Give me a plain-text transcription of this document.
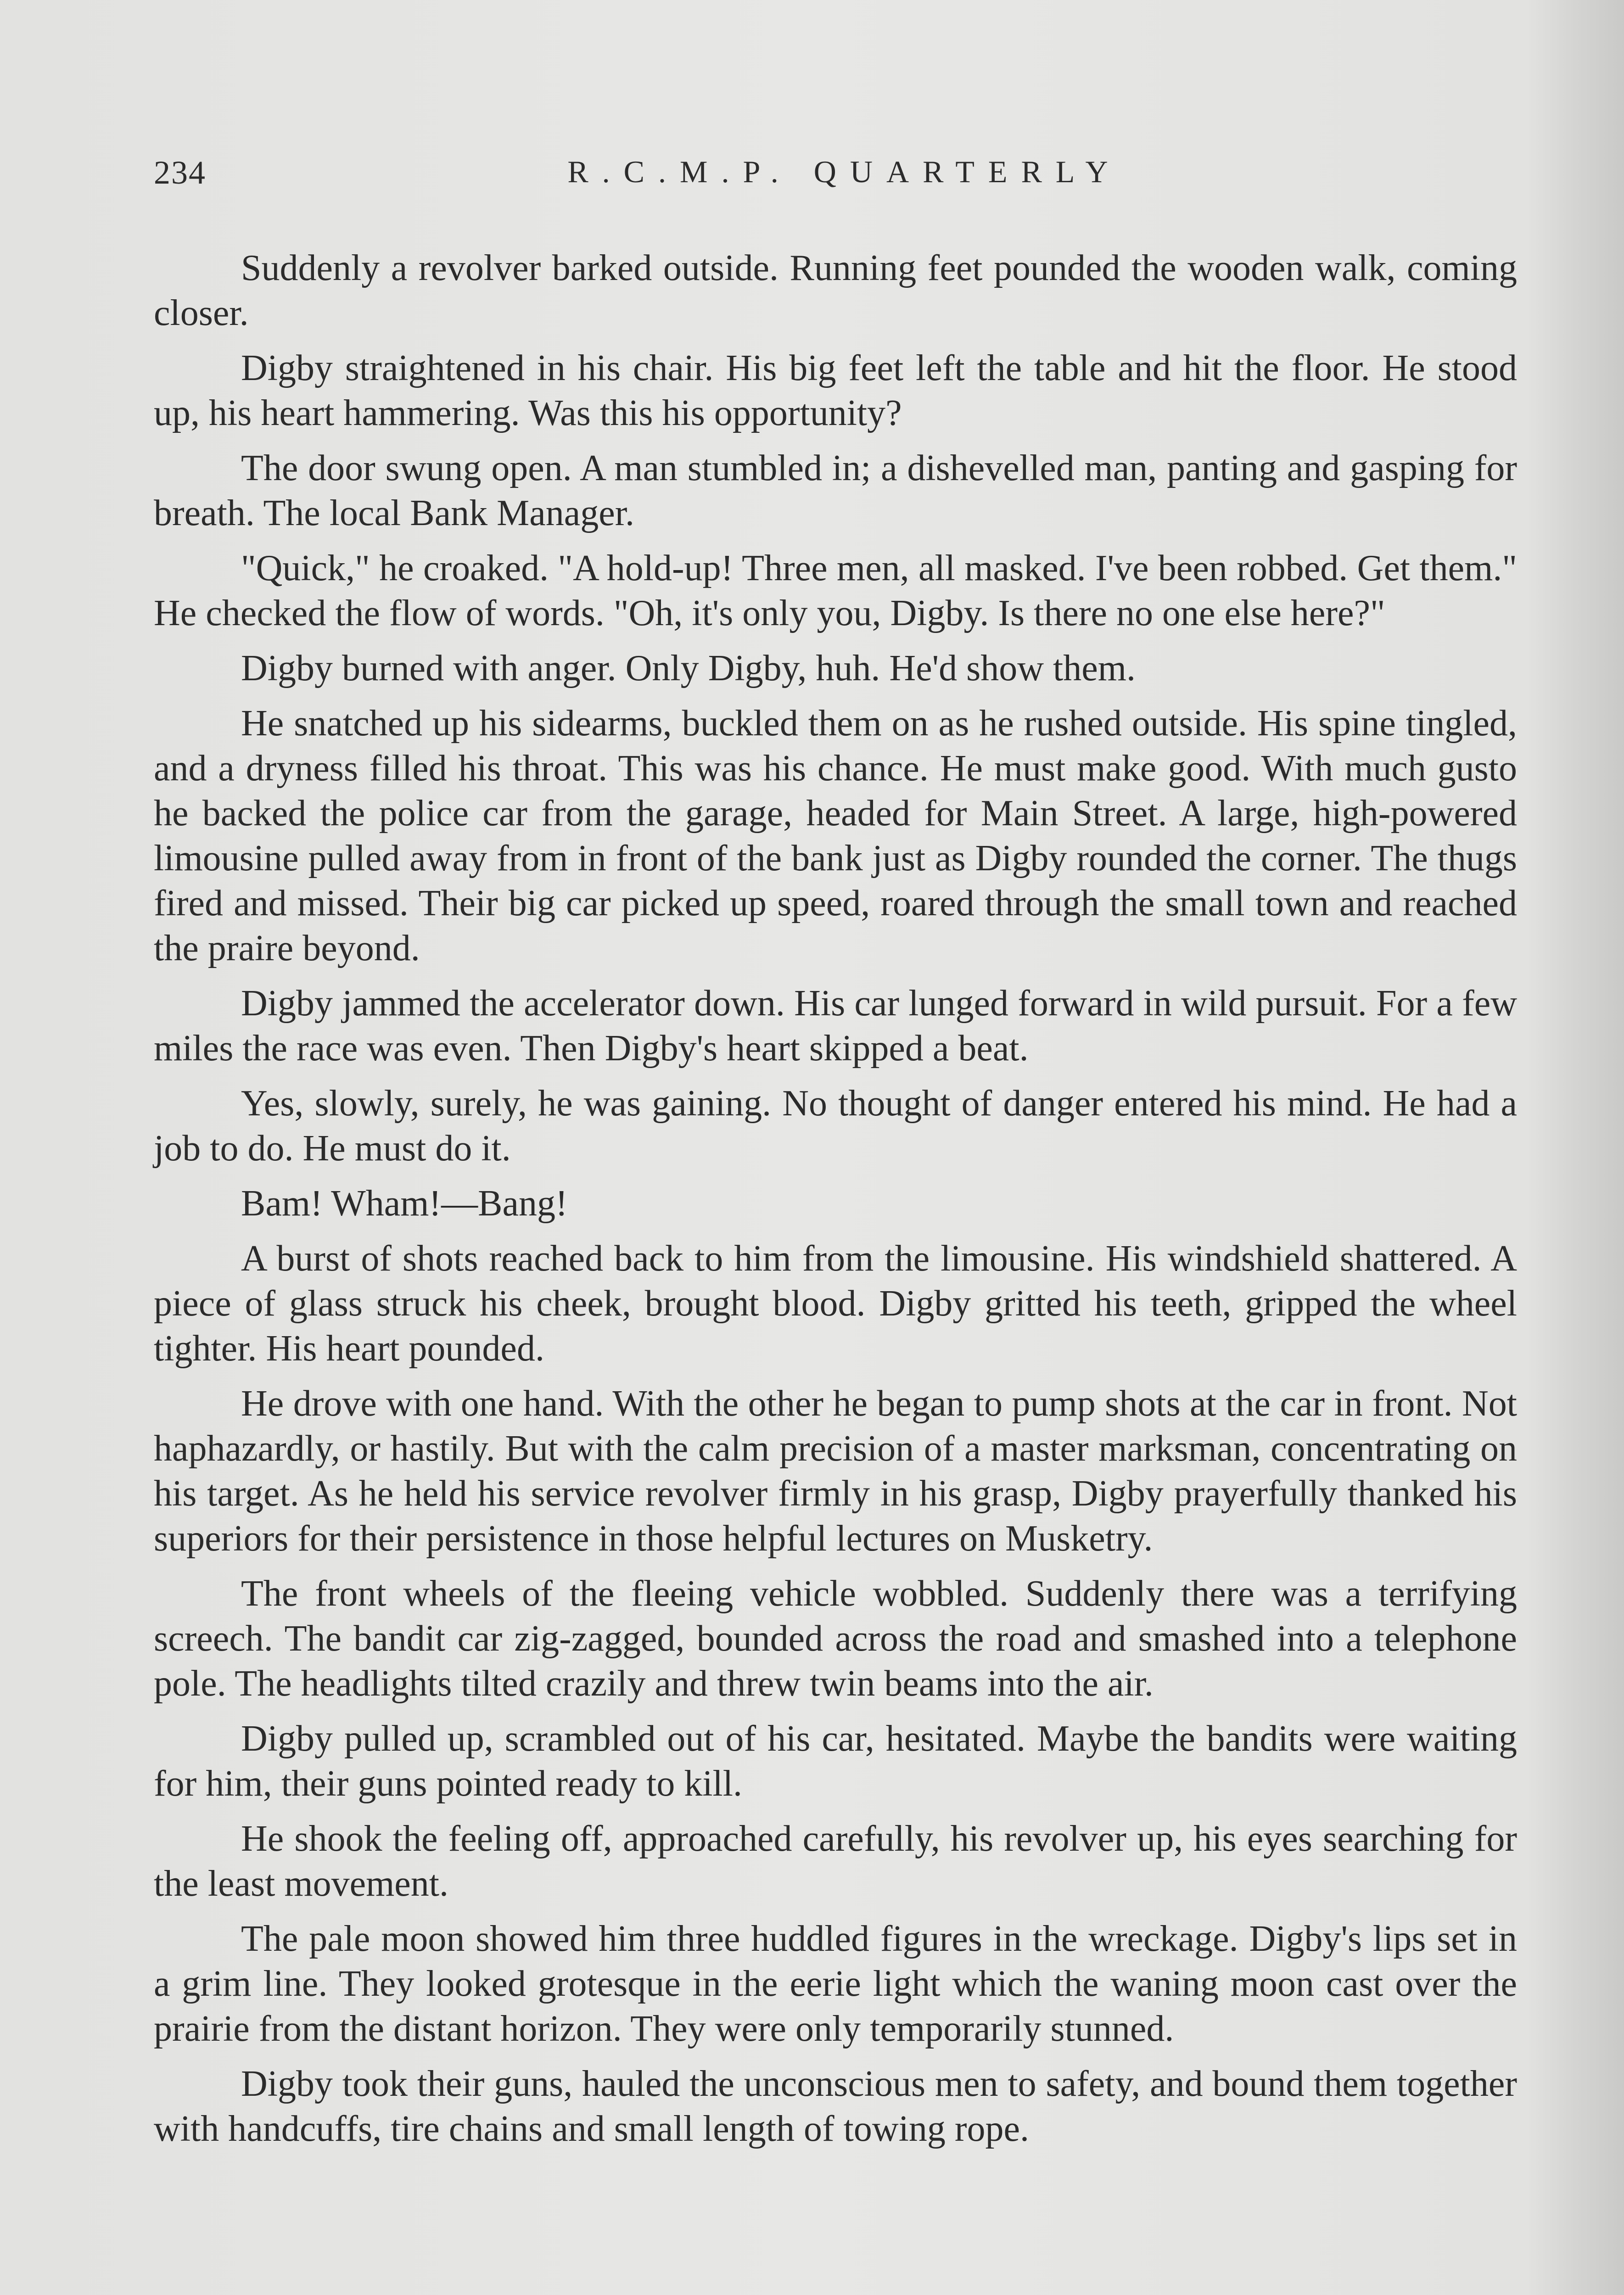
234	R.C.M.P. QUARTERLY

Suddenly a revolver barked outside. Running feet pounded the wooden walk, coming closer.

Digby straightened in his chair. His big feet left the table and hit the floor. He stood up, his heart hammering. Was this his opportunity?

The door swung open. A man stumbled in; a dishevelled man, panting and gasping for breath. The local Bank Manager.

"Quick," he croaked. "A hold-up! Three men, all masked. I've been robbed. Get them." He checked the flow of words. "Oh, it's only you, Digby. Is there no one else here?"

Digby burned with anger. Only Digby, huh. He'd show them.

He snatched up his sidearms, buckled them on as he rushed outside. His spine tingled, and a dryness filled his throat. This was his chance. He must make good. With much gusto he backed the police car from the garage, headed for Main Street. A large, high-powered limousine pulled away from in front of the bank just as Digby rounded the corner. The thugs fired and missed. Their big car picked up speed, roared through the small town and reached the praire beyond.

Digby jammed the accelerator down. His car lunged forward in wild pursuit. For a few miles the race was even. Then Digby's heart skipped a beat.

Yes, slowly, surely, he was gaining. No thought of danger entered his mind. He had a job to do. He must do it.

Bam! Wham!—Bang!

A burst of shots reached back to him from the limousine. His windshield shattered. A piece of glass struck his cheek, brought blood. Digby gritted his teeth, gripped the wheel tighter. His heart pounded.

He drove with one hand. With the other he began to pump shots at the car in front. Not haphazardly, or hastily. But with the calm precision of a master marksman, concentrating on his target. As he held his service revolver firmly in his grasp, Digby prayerfully thanked his superiors for their persistence in those helpful lectures on Musketry.

The front wheels of the fleeing vehicle wobbled. Suddenly there was a terrifying screech. The bandit car zig-zagged, bounded across the road and smashed into a telephone pole. The headlights tilted crazily and threw twin beams into the air.

Digby pulled up, scrambled out of his car, hesitated. Maybe the bandits were waiting for him, their guns pointed ready to kill.

He shook the feeling off, approached carefully, his revolver up, his eyes searching for the least movement.

The pale moon showed him three huddled figures in the wreckage. Digby's lips set in a grim line. They looked grotesque in the eerie light which the waning moon cast over the prairie from the distant horizon. They were only temporarily stunned.

Digby took their guns, hauled the unconscious men to safety, and bound them together with handcuffs, tire chains and small length of towing rope.
